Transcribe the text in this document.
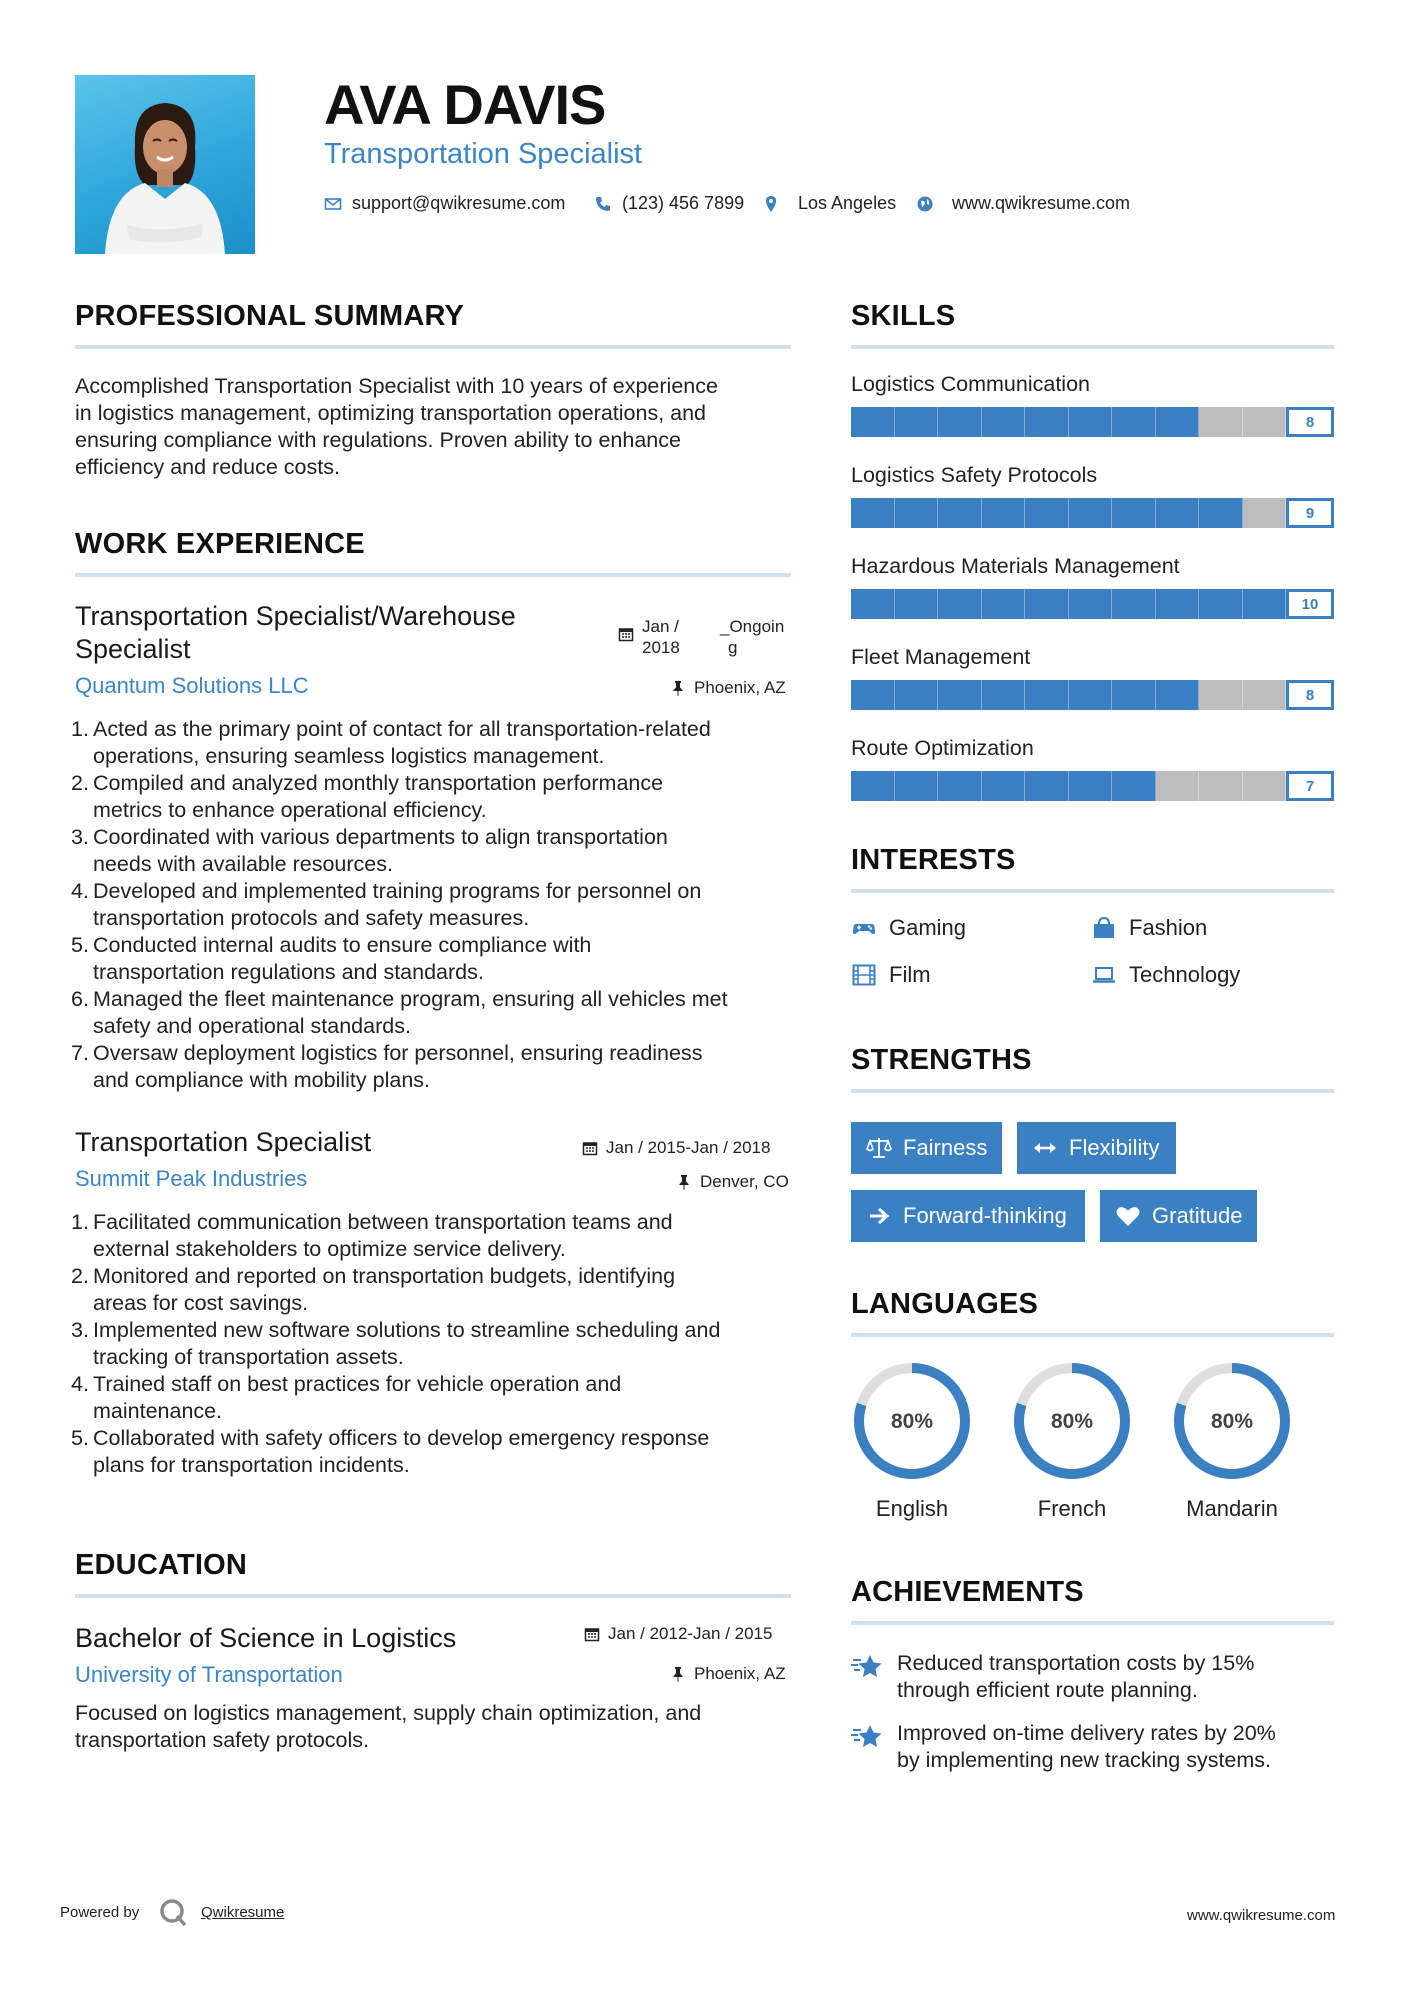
AVA DAVIS
Transportation Specialist
support@qwikresume.com	(123) 456 7899	Los Angeles	www.qwikresume.com
PROFESSIONAL SUMMARY
Accomplished Transportation Specialist with 10 years of experience
in logistics management, optimizing transportation operations, and
ensuring compliance with regulations. Proven ability to enhance
efficiency and reduce costs.
WORK EXPERIENCE
Transportation Specialist/Warehouse
Specialist
Jan /
2018
_Ongoin
g
Quantum Solutions LLC	Phoenix, AZ
1. Acted as the primary point of contact for all transportation-related
operations, ensuring seamless logistics management.
2. Compiled and analyzed monthly transportation performance
metrics to enhance operational efficiency.
3. Coordinated with various departments to align transportation
needs with available resources.
4. Developed and implemented training programs for personnel on
transportation protocols and safety measures.
5. Conducted internal audits to ensure compliance with
transportation regulations and standards.
6. Managed the fleet maintenance program, ensuring all vehicles met
safety and operational standards.
7. Oversaw deployment logistics for personnel, ensuring readiness
and compliance with mobility plans.
Transportation Specialist	Jan / 2015-Jan / 2018
Summit Peak Industries	Denver, CO
1. Facilitated communication between transportation teams and
external stakeholders to optimize service delivery.
2. Monitored and reported on transportation budgets, identifying
areas for cost savings.
3. Implemented new software solutions to streamline scheduling and
tracking of transportation assets.
4. Trained staff on best practices for vehicle operation and
maintenance.
5. Collaborated with safety officers to develop emergency response
plans for transportation incidents.
EDUCATION
Bachelor of Science in Logistics	Jan / 2012-Jan / 2015
University of Transportation	Phoenix, AZ
Focused on logistics management, supply chain optimization, and
transportation safety protocols.
SKILLS
Logistics Communication
8
Logistics Safety Protocols
9
Hazardous Materials Management
10
Fleet Management
8
Route Optimization
7
INTERESTS
Gaming	Fashion
Film	Technology
STRENGTHS
Fairness	Flexibility
Forward-thinking	Gratitude
LANGUAGES
80%
English
80%
French
80%
Mandarin
ACHIEVEMENTS
Reduced transportation costs by 15%
through efficient route planning.
Improved on-time delivery rates by 20%
by implementing new tracking systems.
Powered by	Qwikresume	www.qwikresume.com
